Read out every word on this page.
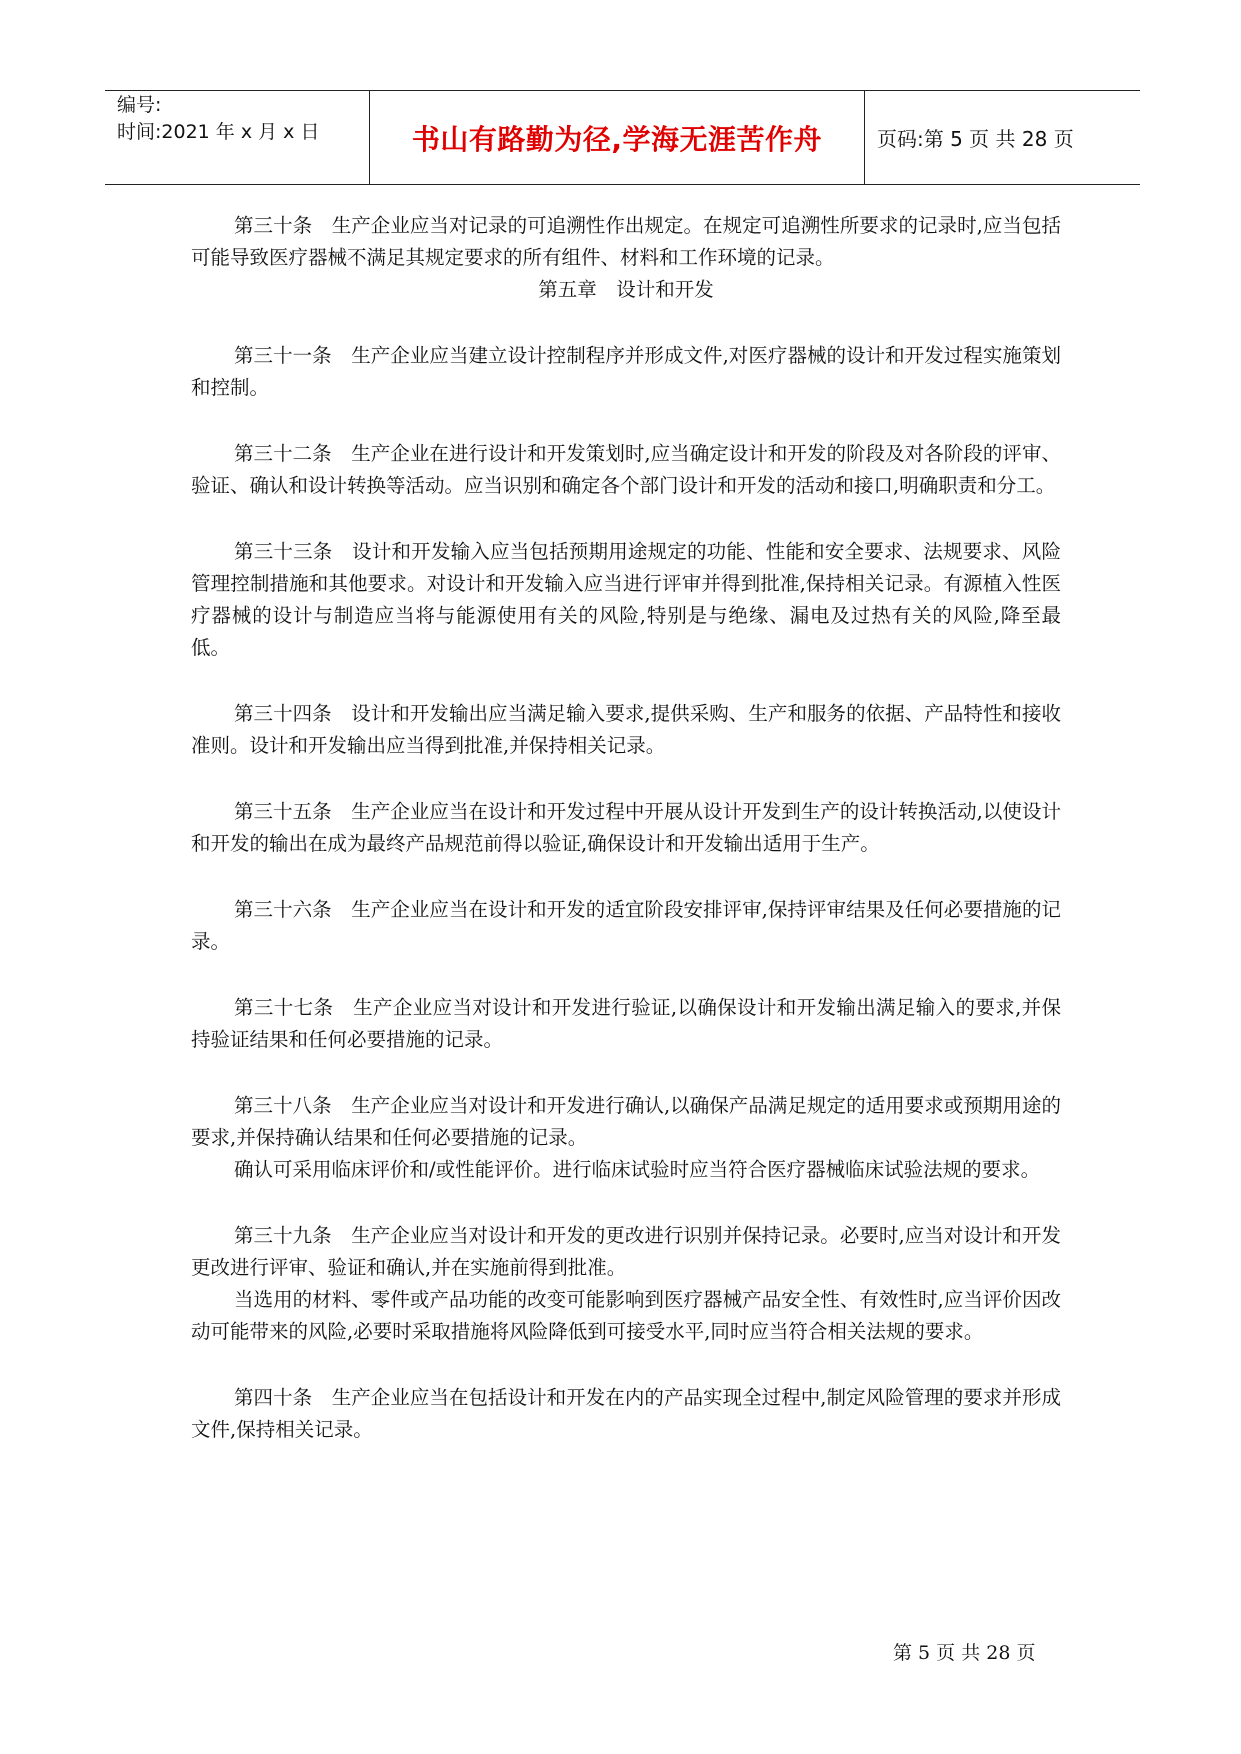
编号:
时间:2021 年 x 月 x 日	书山有路勤为径,学海无涯苦作舟	页码:第 5 页 共 28 页

第三十条　生产企业应当对记录的可追溯性作出规定。在规定可追溯性所要求的记录时,应当包括可能导致医疗器械不满足其规定要求的所有组件、材料和工作环境的记录。

第五章　设计和开发

第三十一条　生产企业应当建立设计控制程序并形成文件,对医疗器械的设计和开发过程实施策划和控制。

第三十二条　生产企业在进行设计和开发策划时,应当确定设计和开发的阶段及对各阶段的评审、验证、确认和设计转换等活动。应当识别和确定各个部门设计和开发的活动和接口,明确职责和分工。

第三十三条　设计和开发输入应当包括预期用途规定的功能、性能和安全要求、法规要求、风险管理控制措施和其他要求。对设计和开发输入应当进行评审并得到批准,保持相关记录。有源植入性医疗器械的设计与制造应当将与能源使用有关的风险,特别是与绝缘、漏电及过热有关的风险,降至最低。

第三十四条　设计和开发输出应当满足输入要求,提供采购、生产和服务的依据、产品特性和接收准则。设计和开发输出应当得到批准,并保持相关记录。

第三十五条　生产企业应当在设计和开发过程中开展从设计开发到生产的设计转换活动,以使设计和开发的输出在成为最终产品规范前得以验证,确保设计和开发输出适用于生产。

第三十六条　生产企业应当在设计和开发的适宜阶段安排评审,保持评审结果及任何必要措施的记录。

第三十七条　生产企业应当对设计和开发进行验证,以确保设计和开发输出满足输入的要求,并保持验证结果和任何必要措施的记录。

第三十八条　生产企业应当对设计和开发进行确认,以确保产品满足规定的适用要求或预期用途的要求,并保持确认结果和任何必要措施的记录。

确认可采用临床评价和/或性能评价。进行临床试验时应当符合医疗器械临床试验法规的要求。

第三十九条　生产企业应当对设计和开发的更改进行识别并保持记录。必要时,应当对设计和开发更改进行评审、验证和确认,并在实施前得到批准。

当选用的材料、零件或产品功能的改变可能影响到医疗器械产品安全性、有效性时,应当评价因改动可能带来的风险,必要时采取措施将风险降低到可接受水平,同时应当符合相关法规的要求。

第四十条　生产企业应当在包括设计和开发在内的产品实现全过程中,制定风险管理的要求并形成文件,保持相关记录。

第 5 页 共 28 页
